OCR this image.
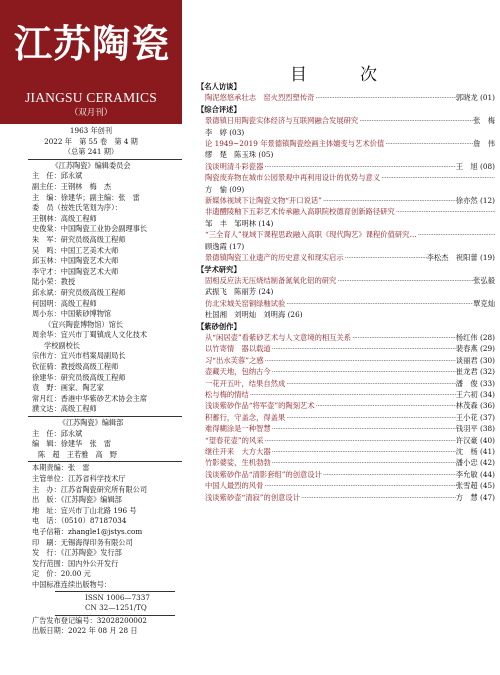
江苏陶瓷
JIANGSU CERAMICS
（双月刊）
1963 年创刊
2022 年　第 55 卷　第 4 期
（总第 241 期）
《江苏陶瓷》编辑委员会
主　任：邱永斌
副主任：王钢林　梅　杰
主　编：徐建华；副主编：张　雷
委　员（按姓氏笔划为序）：
王钢林：高级工程师
史俊棠：中国陶瓷工业协会副理事长
朱　军：研究员级高级工程师
吴　鸣：中国工艺美术大师
邱玉林：中国陶瓷艺术大师
李守才：中国陶瓷艺术大师
陆小荣：教授
邱永斌：研究员级高级工程师
何国明：高级工程师
周小东：中国紫砂博物馆
（宜兴陶瓷博物馆）馆长
周余华：宜兴市丁蜀镇成人文化技术
学校副校长
宗伟方：宜兴市档案局副局长
钦征骑：教授级高级工程师
徐建华：研究员级高级工程师
袁　野：画家、陶艺家
常月红：香港中华紫砂艺术协会主席
濮文达：高级工程师
《江苏陶瓷》编辑部
主　任：邱永斌
编　辑：徐建华　张　雷
陈　超　王若雅　高　野
本期责编：张　雷
主管单位：江苏省科学技术厅
主　办：江苏省陶瓷研究所有限公司
出　版：《江苏陶瓷》编辑部
地　址：宜兴市丁山北路 196 号
电　话：（0510）87187034
电子信箱：zhangle1@jstys.com
印　刷：无锡海得印务有限公司
发　行：《江苏陶瓷》发行部
发行范围：国内外公开发行
定　价：20.00 元
中国标准连续出版物号：
ISSN 1006—7337
CN 32—1251/TQ
广告发布登记编号：32028200002
出版日期：2022 年 08 月 28 日
目　次
【名人访谈】
陶泥悠悠承壮志　窑火烈烈塑传奇 ·····	郭晓龙 (01)
【综合评述】
景德镇日用陶瓷实体经济与互联网融合发展研究 ·····	张　梅
李　婷 (03)
论 1949~2019 年景德镇陶瓷绘画主体嬗变与艺术价值 ·····	詹　伟
缪　楚　陈玉珠 (05)
浅谈明清斗彩瓷器 ·····	王　旭 (08)
陶瓷废弃物在城市公园景观中再利用设计的优势与意义
·····
方　愉 (09)
新媒体视域下让陶瓷文物“开口说话” ·····	徐亦然 (12)
非遗醴陵釉下五彩艺术传承融入高职院校德育创新路径研究
·····
邹　丰　邹明林 (14)
“三全育人”视域下课程思政融入高职《现代陶艺》课程价值研究…
·····
顾逸霞 (17)
景德镇陶瓷工业遗产的历史意义和现实启示 ·····	李松杰　祝阳蕾 (19)
【学术研究】
固相反应法无压烧结制备氮氧化铝的研究 ·····	张弘毅
武振飞　陈丽芳 (24)
仿北宋城关窑铜绿釉试验 ·····	覃克灿
杜国湘　刘明灿　刘明海 (26)
【紫砂创作】
从“闲居壶”看紫砂艺术与人文意境的相互关系 ·····	杨红伟 (28)
以竹寄情　器以载道 ·····	裴春燕 (29)
习“出水芙蓉”之感 ·····	谈丽君 (30)
壶藏天地，包纳古今 ·····	崔龙君 (32)
一花开五叶，结果自然成 ·····	潘　俊 (33)
松与梅的情结 ·····	王六初 (34)
浅谈紫砂作品“将军壶”的陶刻艺术 ·····	林茂森 (36)
积蓄行，守盖念，得盖果 ·····	王小花 (37)
难得糊涂是一种智慧 ·····	钱羽平 (38)
“望春花壶”的风采 ·····	许汉豪 (40)
继往开来　大方大器 ·····	沈　杨 (41)
竹影婆娑，生机勃勃 ·····	潘小忠 (42)
浅谈紫砂作品“清影套组”的创意设计 ·····	李允敏 (44)
中国人最烈的风骨 ·····	张雪超 (45)
浅谈紫砂壶“清寂”的创意设计 ·····	方　慧 (47)
